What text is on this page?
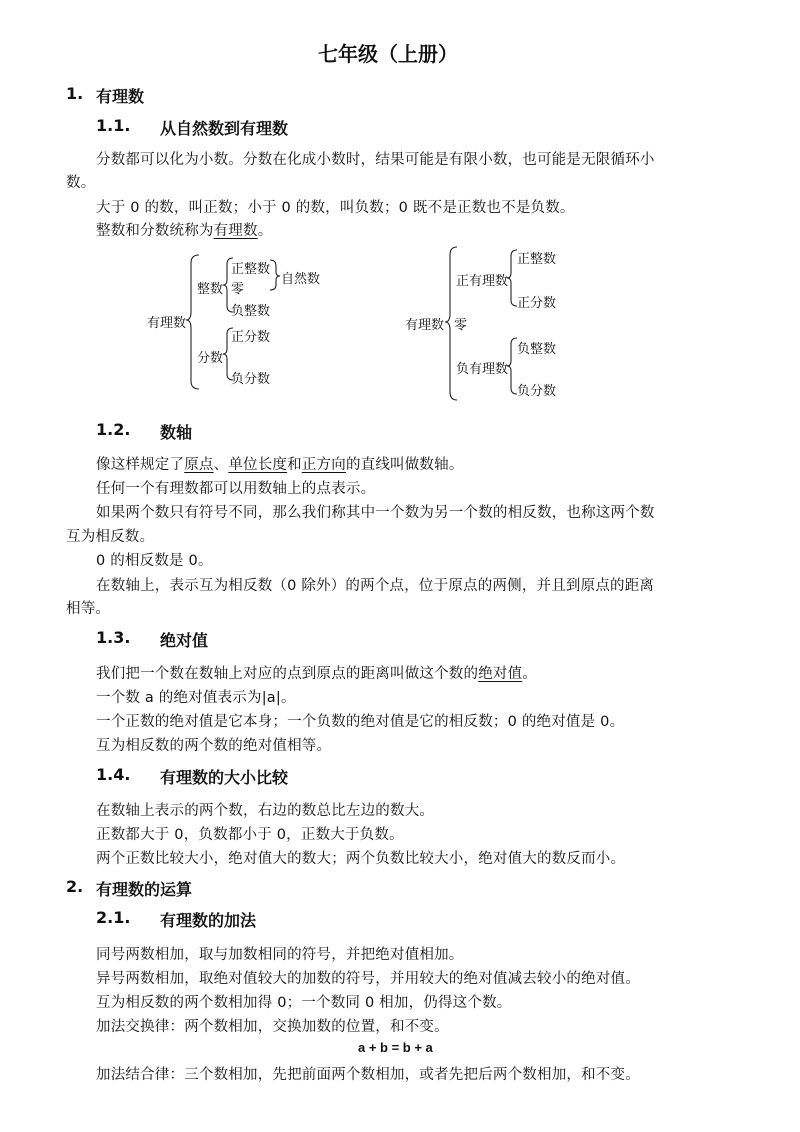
七年级（上册）
1. 有理数
1.1. 从自然数到有理数
分数都可以化为小数。分数在化成小数时，结果可能是有限小数，也可能是无限循环小
数。
大于 0 的数，叫正数；小于 0 的数，叫负数；0 既不是正数也不是负数。
整数和分数统称为有理数。
有理数
整数
分数
正整数
零
负整数
自然数
正分数
负分数
有理数
正有理数
零
负有理数
正整数
正分数
负整数
负分数
1.2. 数轴
像这样规定了原点、单位长度和正方向的直线叫做数轴。
任何一个有理数都可以用数轴上的点表示。
如果两个数只有符号不同，那么我们称其中一个数为另一个数的相反数，也称这两个数
互为相反数。
0 的相反数是 0。
在数轴上，表示互为相反数（0 除外）的两个点，位于原点的两侧，并且到原点的距离
相等。
1.3. 绝对值
我们把一个数在数轴上对应的点到原点的距离叫做这个数的绝对值。
一个数 a 的绝对值表示为|a|。
一个正数的绝对值是它本身；一个负数的绝对值是它的相反数；0 的绝对值是 0。
互为相反数的两个数的绝对值相等。
1.4. 有理数的大小比较
在数轴上表示的两个数，右边的数总比左边的数大。
正数都大于 0，负数都小于 0，正数大于负数。
两个正数比较大小，绝对值大的数大；两个负数比较大小，绝对值大的数反而小。
2. 有理数的运算
2.1. 有理数的加法
同号两数相加，取与加数相同的符号，并把绝对值相加。
异号两数相加，取绝对值较大的加数的符号，并用较大的绝对值减去较小的绝对值。
互为相反数的两个数相加得 0；一个数同 0 相加，仍得这个数。
加法交换律：两个数相加，交换加数的位置，和不变。
a + b = b + a
加法结合律：三个数相加，先把前面两个数相加，或者先把后两个数相加，和不变。
